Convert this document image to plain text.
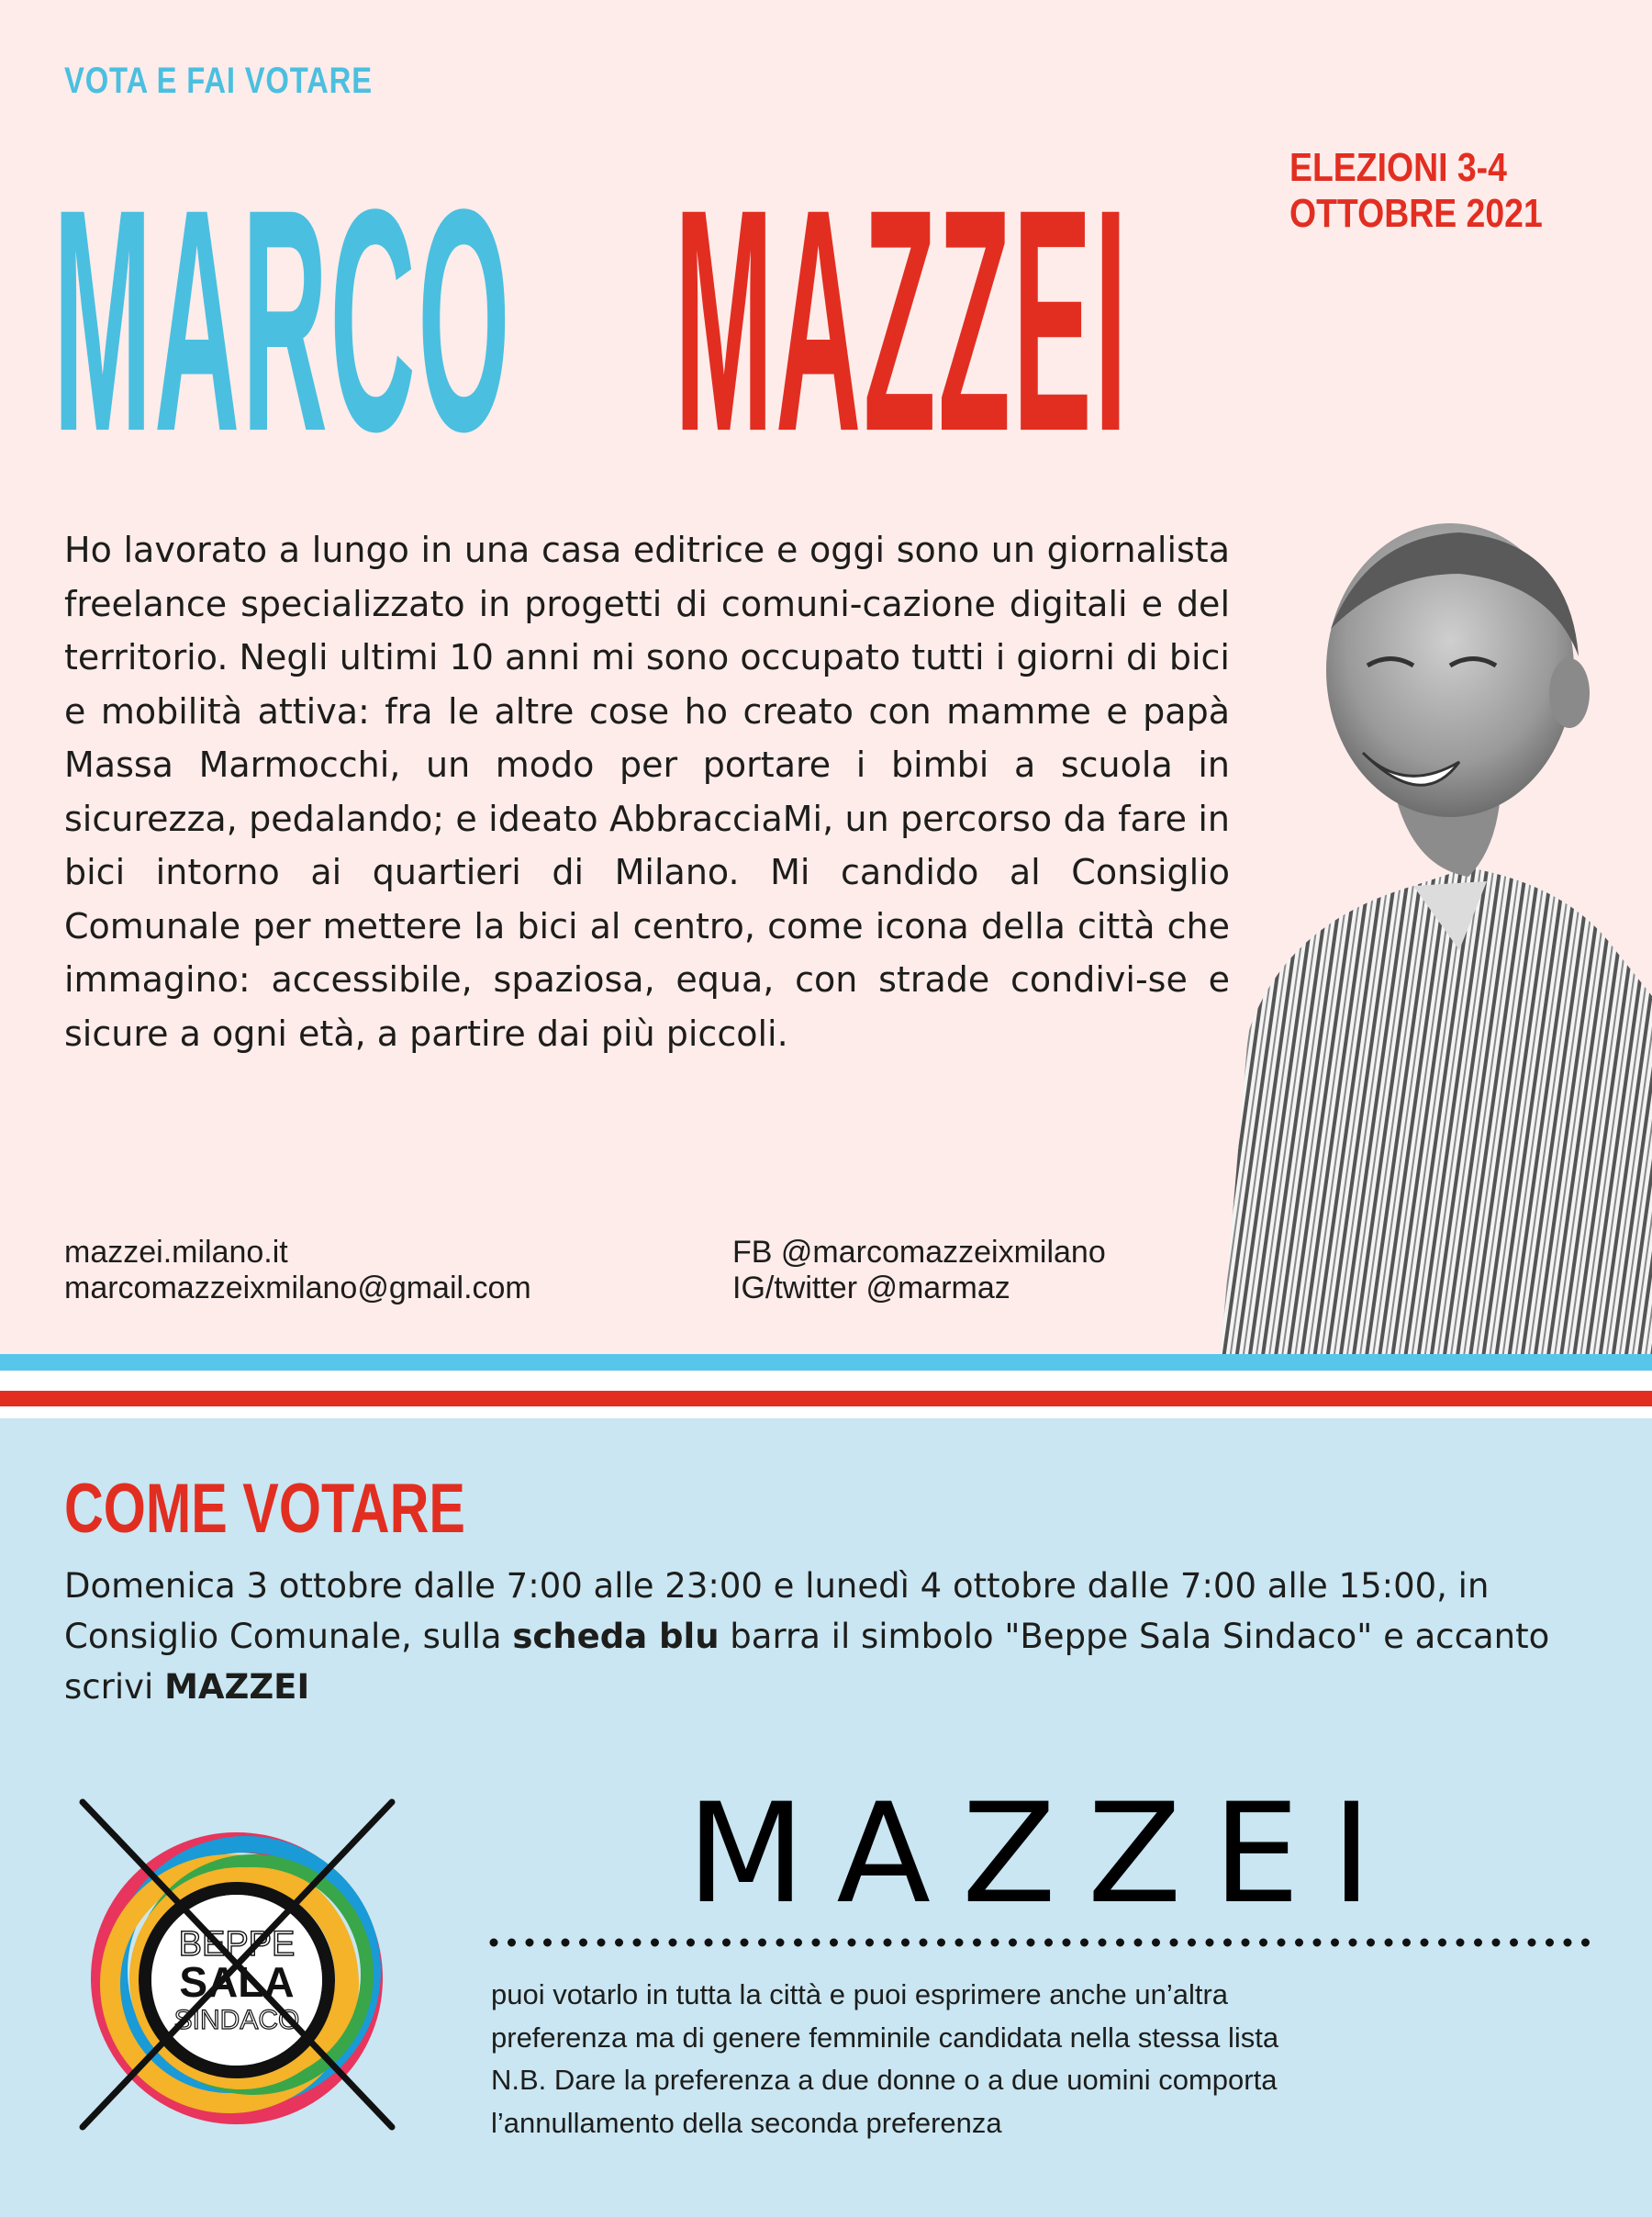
VOTA E FAI VOTARE
MARCO MAZZEI	ELEZIONI 3-4
OTTOBRE 2021
Ho lavorato a lungo in una casa editrice e oggi sono un giornalista freelance specializzato in progetti di comuni-cazione digitali e del territorio. Negli ultimi 10 anni mi sono occupato tutti i giorni di bici e mobilità attiva: fra le altre cose ho creato con mamme e papà Massa Marmocchi, un modo per portare i bimbi a scuola in sicurezza, pedalando; e ideato AbbracciaMi, un percorso da fare in bici intorno ai quartieri di Milano. Mi candido al Consiglio Comunale per mettere la bici al centro, come icona della città che immagino: accessibile, spaziosa, equa, con strade condivi-se e sicure a ogni età, a partire dai più piccoli.
mazzei.milano.it
marcomazzeixmilano@gmail.com
FB @marcomazzeixmilano
IG/twitter @marmaz
COME VOTARE
Domenica 3 ottobre dalle 7:00 alle 23:00 e lunedì 4 ottobre dalle 7:00 alle 15:00, in Consiglio Comunale, sulla scheda blu barra il simbolo "Beppe Sala Sindaco" e accanto scrivi MAZZEI
BEPPE
SALA
SINDACO
MAZZEI
puoi votarlo in tutta la città e puoi esprimere anche un’altra
preferenza ma di genere femminile candidata nella stessa lista
N.B. Dare la preferenza a due donne o a due uomini comporta
l’annullamento della seconda preferenza
